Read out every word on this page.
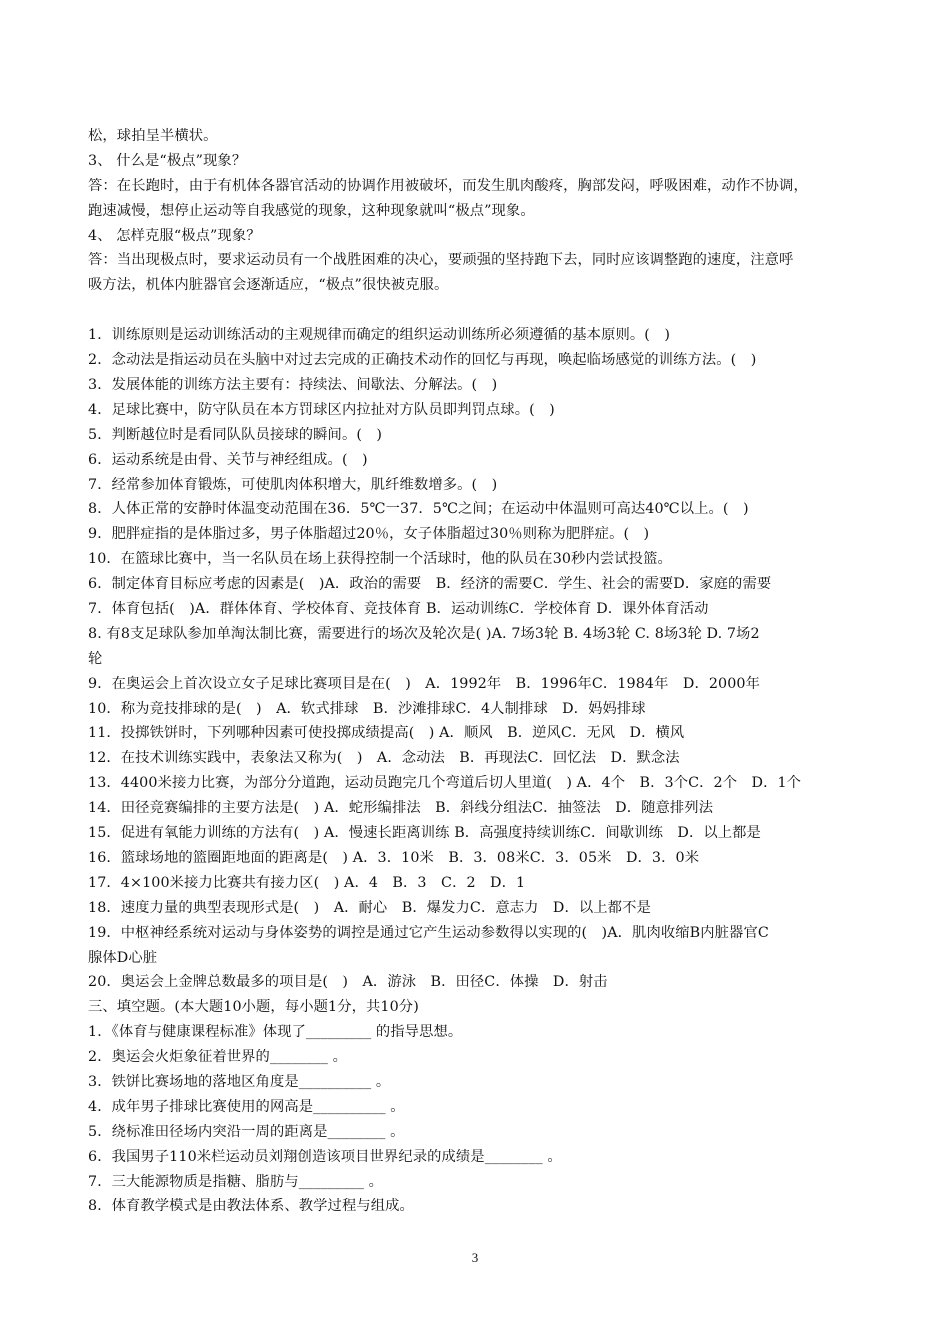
松，球拍呈半横状。
3、 什么是“极点”现象？
答：在长跑时，由于有机体各器官活动的协调作用被破坏，而发生肌肉酸疼，胸部发闷，呼吸困难，动作不协调，
跑速减慢，想停止运动等自我感觉的现象，这种现象就叫“极点”现象。
4、 怎样克服“极点”现象？
答：当出现极点时，要求运动员有一个战胜困难的决心，要顽强的坚持跑下去，同时应该调整跑的速度，注意呼
吸方法，机体内脏器官会逐渐适应，“极点”很快被克服。
1．训练原则是运动训练活动的主观规律而确定的组织运动训练所必须遵循的基本原则。(　)
2．念动法是指运动员在头脑中对过去完成的正确技术动作的回忆与再现，唤起临场感觉的训练方法。(　)
3．发展体能的训练方法主要有：持续法、间歇法、分解法。(　)
4．足球比赛中，防守队员在本方罚球区内拉扯对方队员即判罚点球。(　)
5．判断越位时是看同队队员接球的瞬间。(　)
6．运动系统是由骨、关节与神经组成。(　)
7．经常参加体育锻炼，可使肌肉体积增大，肌纤维数增多。(　)
8．人体正常的安静时体温变动范围在36．5℃一37．5℃之间；在运动中体温则可高达40℃以上。(　)
9．肥胖症指的是体脂过多，男子体脂超过20％，女子体脂超过30％则称为肥胖症。(　)
10．在篮球比赛中，当一名队员在场上获得控制一个活球时，他的队员在30秒内尝试投篮。
6．制定体育目标应考虑的因素是(　)A．政治的需要　B．经济的需要C．学生、社会的需要D．家庭的需要
7．体育包括(　)A．群体体育、学校体育、竞技体育 B．运动训练C．学校体育 D．课外体育活动
8. 有8支足球队参加单淘汰制比赛，需要进行的场次及轮次是( )A. 7场3轮 B. 4场3轮 C. 8场3轮 D. 7场2
轮
9．在奥运会上首次设立女子足球比赛项目是在(　)　A．1992年　B．1996年C．1984年　D．2000年
10．称为竞技排球的是(　)　A．软式排球　B．沙滩排球C．4人制排球　D．妈妈排球
11．投掷铁饼时，下列哪种因素可使投掷成绩提高(　) A．顺风　B．逆风C．无风　D．横风
12．在技术训练实践中，表象法又称为(　)　A．念动法　B．再现法C．回忆法　D．默念法
13．4400米接力比赛，为部分分道跑，运动员跑完几个弯道后切人里道(　) A．4个　B．3个C．2个　D．1个
14．田径竞赛编排的主要方法是(　) A．蛇形编排法　B．斜线分组法C．抽签法　D．随意排列法
15．促进有氧能力训练的方法有(　) A．慢速长距离训练 B．高强度持续训练C．间歇训练　D．以上都是
16．篮球场地的篮圈距地面的距离是(　) A．3．10米　B．3．08米C．3．05米　D．3．0米
17．4×100米接力比赛共有接力区(　) A．4　B．3　C．2　D．1
18．速度力量的典型表现形式是(　)　A．耐心　B．爆发力C．意志力　D．以上都不是
19．中枢神经系统对运动与身体姿势的调控是通过它产生运动参数得以实现的(　)A．肌肉收缩B内脏器官C
腺体D心脏
20．奥运会上金牌总数最多的项目是(　)　A．游泳　B．田径C．体操　D．射击
三、填空题。(本大题10小题，每小题1分，共10分)
1．《体育与健康课程标准》体现了_________ 的指导思想。
2．奥运会火炬象征着世界的________ 。
3．铁饼比赛场地的落地区角度是__________ 。
4．成年男子排球比赛使用的网高是__________ 。
5．绕标准田径场内突沿一周的距离是________ 。
6．我国男子110米栏运动员刘翔创造该项目世界纪录的成绩是________ 。
7．三大能源物质是指糖、脂肪与_________ 。
8．体育教学模式是由教法体系、教学过程与组成。
3
